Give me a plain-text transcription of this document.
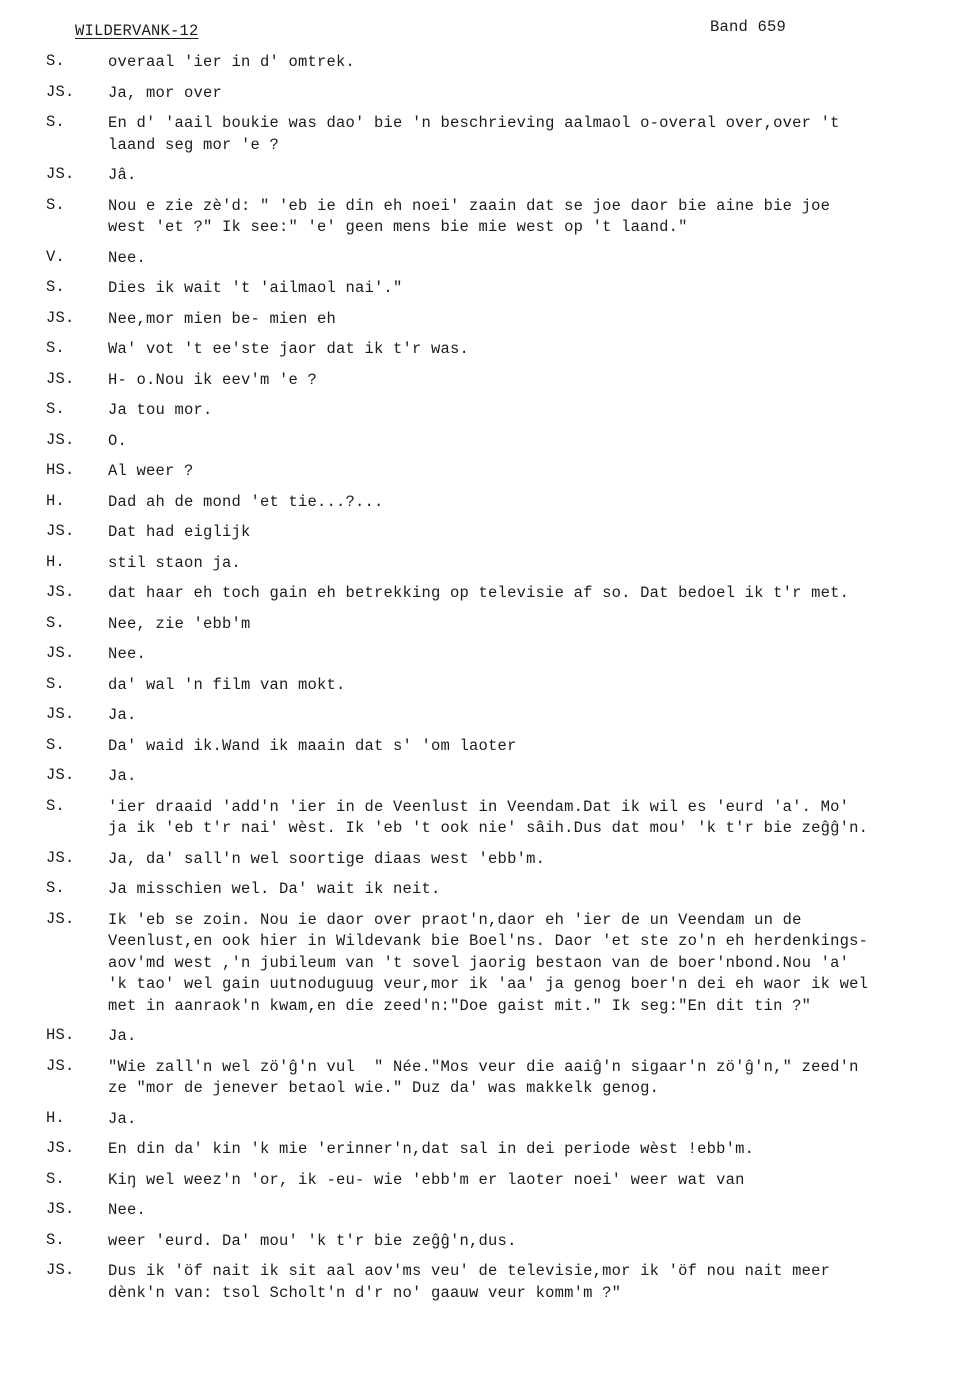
WILDERVANK-12	Band 659
S.	overaal 'ier in d' omtrek.
JS.	Ja, mor over
S.	En d' 'aail boukie was dao' bie 'n beschrieving aalmaol o-overal over,over 't
laand seg mor 'e ?
JS.	Jâ.
S.	Nou e zie zè'd: " 'eb ie din eh noei' zaain dat se joe daor bie aine bie joe
west 'et ?" Ik see:" 'e' geen mens bie mie west op 't laand."
V.	Nee.
S.	Dies ik wait 't 'ailmaol nai'."
JS.	Nee,mor mien be- mien eh
S.	Wa' vot 't ee'ste jaor dat ik t'r was.
JS.	H- o.Nou ik eev'm 'e ?
S.	Ja tou mor.
JS.	O.
HS.	Al weer ?
H.	Dad ah de mond 'et tie...?...
JS.	Dat had eiglijk
H.	stil staon ja.
JS.	dat haar eh toch gain eh betrekking op televisie af so. Dat bedoel ik t'r met.
S.	Nee, zie 'ebb'm
JS.	Nee.
S.	da' wal 'n film van mokt.
JS.	Ja.
S.	Da' waid ik.Wand ik maain dat s' 'om laoter
JS.	Ja.
S.	'ier draaid 'add'n 'ier in de Veenlust in Veendam.Dat ik wil es 'eurd 'a'. Mo'
ja ik 'eb t'r nai' wèst. Ik 'eb 't ook nie' sâih.Dus dat mou' 'k t'r bie zeĝĝ'n.
JS.	Ja, da' sall'n wel soortige diaas west 'ebb'm.
S.	Ja misschien wel. Da' wait ik neit.
JS.	Ik 'eb se zoin. Nou ie daor over praot'n,daor eh 'ier de un Veendam un de
Veenlust,en ook hier in Wildevank bie Boel'ns. Daor 'et ste zo'n eh herdenkings-
aov'md west ,'n jubileum van 't sovel jaorig bestaon van de boer'nbond.Nou 'a'
'k tao' wel gain uutnoduguug veur,mor ik 'aa' ja genog boer'n dei eh waor ik wel
met in aanraok'n kwam,en die zeed'n:"Doe gaist mit." Ik seg:"En dit tin ?"
HS.	Ja.
JS.	"Wie zall'n wel zö'ĝ'n vul  " Née."Mos veur die aaiĝ'n sigaar'n zö'ĝ'n," zeed'n
ze "mor de jenever betaol wie." Duz da' was makkelk genog.
H.	Ja.
JS.	En din da' kin 'k mie 'erinner'n,dat sal in dei periode wèst !ebb'm.
S.	Kiŋ wel weez'n 'or, ik -eu- wie 'ebb'm er laoter noei' weer wat van
JS.	Nee.
S.	weer 'eurd. Da' mou' 'k t'r bie zeĝĝ'n,dus.
JS.	Dus ik 'öf nait ik sit aal aov'ms veu' de televisie,mor ik 'öf nou nait meer
dènk'n van: tsol Scholt'n d'r no' gaauw veur komm'm ?"
